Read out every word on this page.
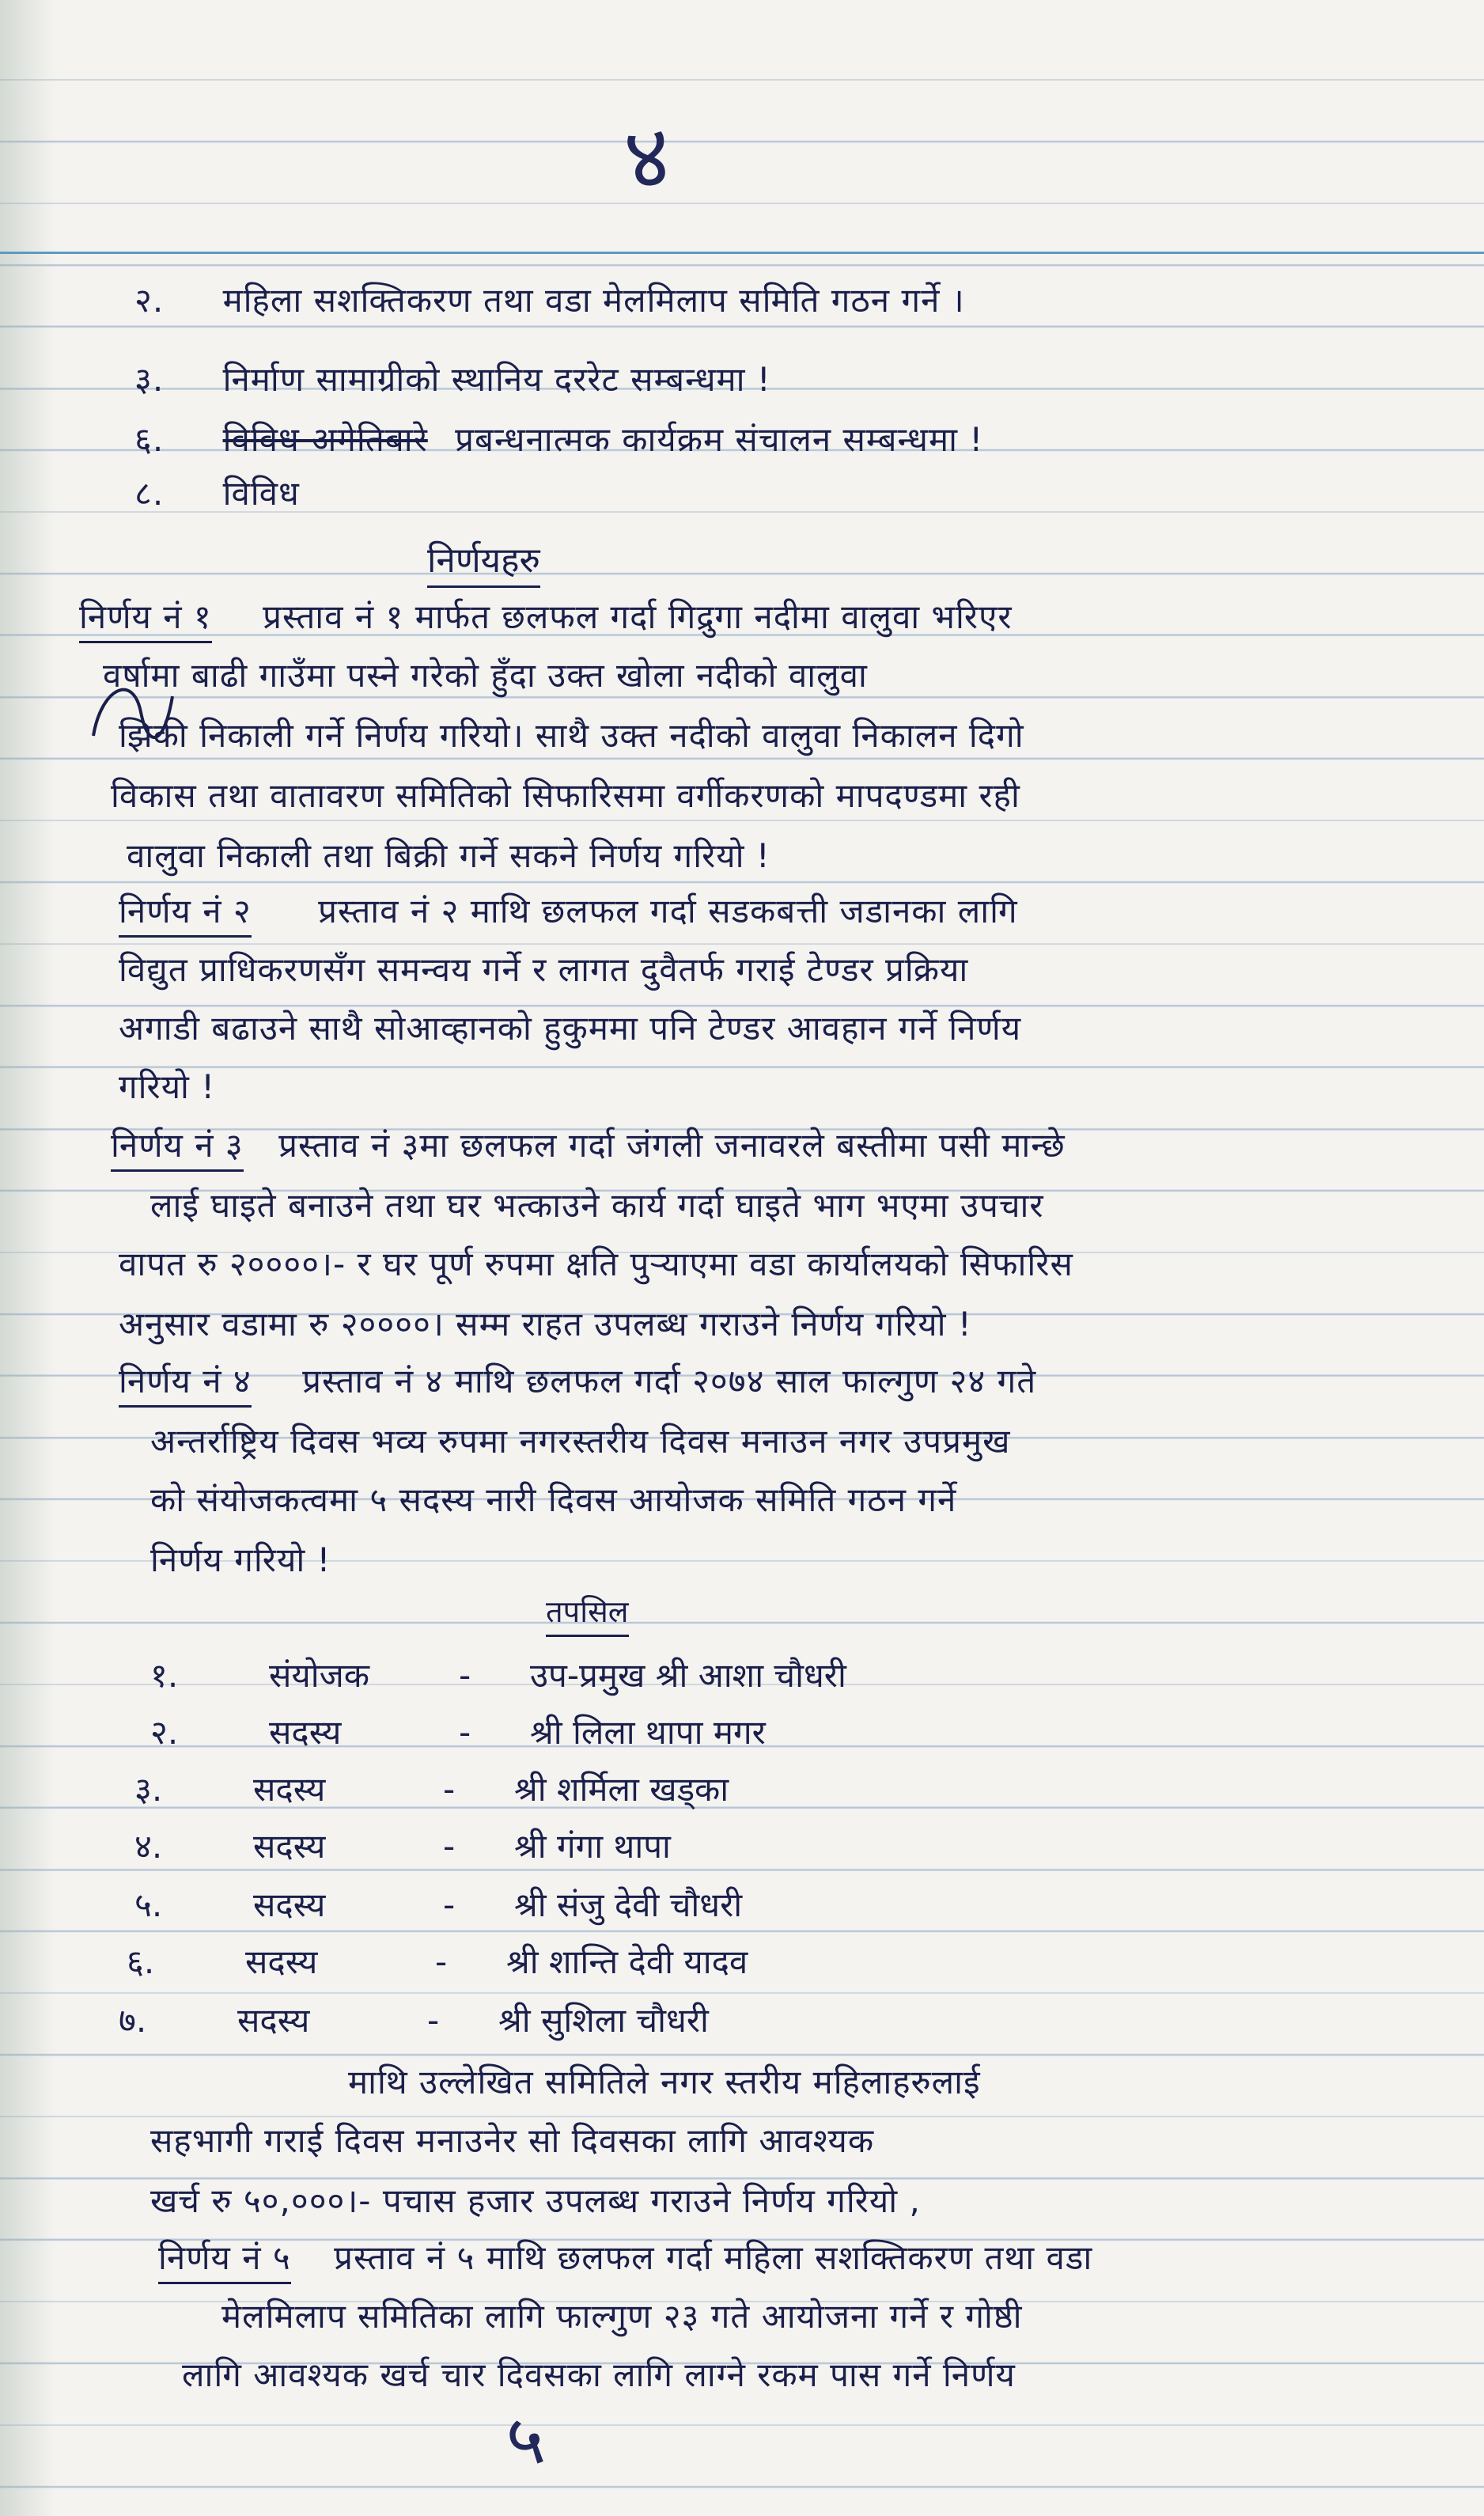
४
२. महिला सशक्तिकरण तथा वडा मेलमिलाप समिति गठन गर्ने ।
३. निर्माण सामाग्रीको स्थानिय दररेट सम्बन्धमा !
६. विविध अगेतिबारे प्रबन्धनात्मक कार्यक्रम संचालन सम्बन्धमा !
८. विविध
निर्णयहरु
निर्णय नं १ प्रस्ताव नं १ मार्फत छलफल गर्दा गिद्रुगा नदीमा वालुवा भरिएर
वर्षामा बाढी गाउँमा पस्ने गरेको हुँदा उक्त खोला नदीको वालुवा
झिकी निकाली गर्ने निर्णय गरियो। साथै उक्त नदीको वालुवा निकालन दिगो
विकास तथा वातावरण समितिको सिफारिसमा वर्गीकरणको मापदण्डमा रही
वालुवा निकाली तथा बिक्री गर्ने सकने निर्णय गरियो !
निर्णय नं २ प्रस्ताव नं २ माथि छलफल गर्दा सडकबत्ती जडानका लागि
विद्युत प्राधिकरणसँग समन्वय गर्ने र लागत दुवैतर्फ गराई टेण्डर प्रक्रिया
अगाडी बढाउने साथै सोआव्हानको हुकुममा पनि टेण्डर आवहान गर्ने निर्णय
गरियो !
निर्णय नं ३ प्रस्ताव नं ३मा छलफल गर्दा जंगली जनावरले बस्तीमा पसी मान्छे
लाई घाइते बनाउने तथा घर भत्काउने कार्य गर्दा घाइते भाग भएमा उपचार
वापत रु २००००।- र घर पूर्ण रुपमा क्षति पुर्‍याएमा वडा कार्यालयको सिफारिस
अनुसार वडामा रु २००००। सम्म राहत उपलब्ध गराउने निर्णय गरियो !
निर्णय नं ४ प्रस्ताव नं ४ माथि छलफल गर्दा २०७४ साल फाल्गुण २४ गते
अन्तर्राष्ट्रिय दिवस भव्य रुपमा नगरस्तरीय दिवस मनाउन नगर उपप्रमुख
को संयोजकत्वमा ५ सदस्य नारी दिवस आयोजक समिति गठन गर्ने
निर्णय गरियो !
तपसिल
१.	संयोजक	- उप-प्रमुख श्री आशा चौधरी
२.	सदस्य	- श्री लिला थापा मगर
३.	सदस्य	- श्री शर्मिला खड्का
४.	सदस्य	- श्री गंगा थापा
५.	सदस्य	- श्री संजु देवी चौधरी
६.	सदस्य	- श्री शान्ति देवी यादव
७.	सदस्य	- श्री सुशिला चौधरी
माथि उल्लेखित समितिले नगर स्तरीय महिलाहरुलाई
सहभागी गराई दिवस मनाउनेर सो दिवसका लागि आवश्यक
खर्च रु ५०,०००।- पचास हजार उपलब्ध गराउने निर्णय गरियो ,
निर्णय नं ५ प्रस्ताव नं ५ माथि छलफल गर्दा महिला सशक्तिकरण तथा वडा
मेलमिलाप समितिका लागि फाल्गुण २३ गते आयोजना गर्ने र गोष्ठी
लागि आवश्यक खर्च चार दिवसका लागि लाग्ने रकम पास गर्ने निर्णय
५
